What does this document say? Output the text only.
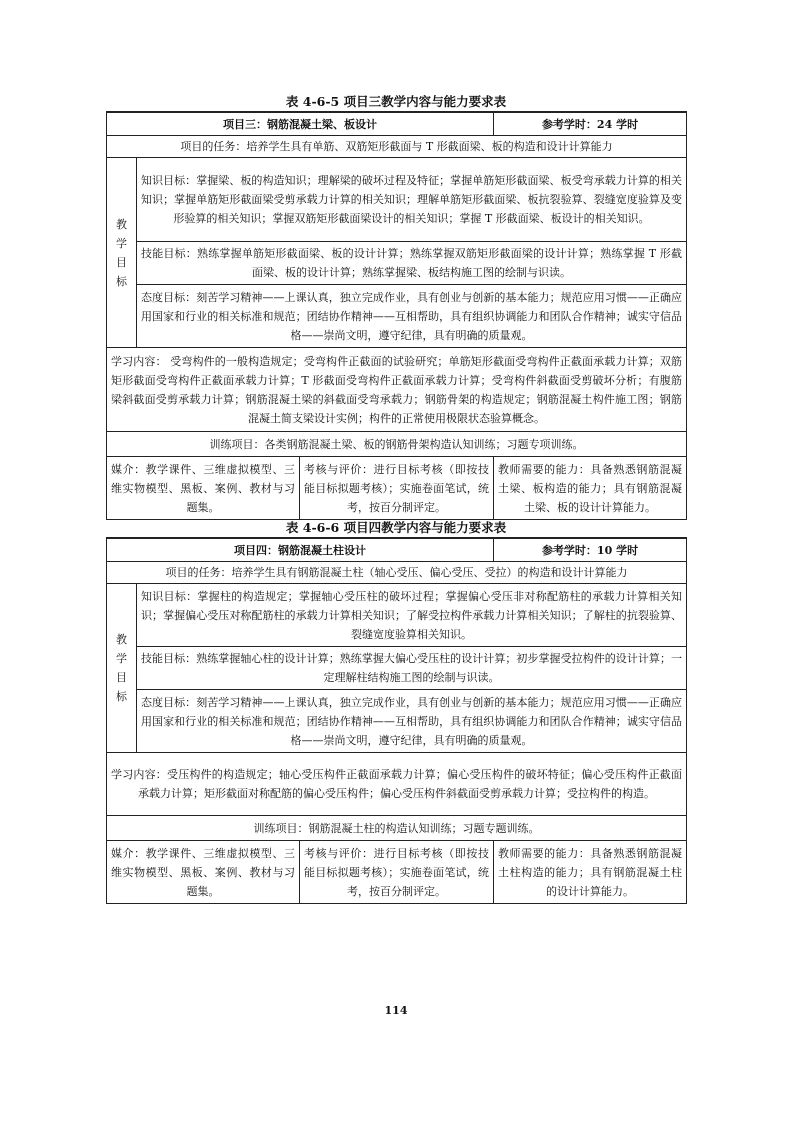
表 4-6-5 项目三教学内容与能力要求表
项目三：钢筋混凝土梁、板设计			参考学时：24 学时
项目的任务：培养学生具有单筋、双筋矩形截面与 T 形截面梁、板的构造和设计计算能力			

教
学
目
标	知识目标：掌握梁、板的构造知识；理解梁的破坏过程及特征；掌握单筋矩形截面梁、板受弯承载力计算的相关知识；掌握单筋矩形截面梁受剪承载力计算的相关知识；理解单筋矩形截面梁、板抗裂验算、裂缝宽度验算及变形验算的相关知识；掌握双筋矩形截面梁设计的相关知识；掌握 T 形截面梁、板设计的相关知识。		
	技能目标：熟练掌握单筋矩形截面梁、板的设计计算；熟练掌握双筋矩形截面梁的设计计算；熟练掌握 T 形截面梁、板的设计计算；熟练掌握梁、板结构施工图的绘制与识读。		
	态度目标：刻苦学习精神——上课认真，独立完成作业，具有创业与创新的基本能力；规范应用习惯——正确应用国家和行业的相关标准和规范；团结协作精神——互相帮助，具有组织协调能力和团队合作精神；诚实守信品格——崇尚文明，遵守纪律，具有明确的质量观。		
学习内容： 受弯构件的一般构造规定；受弯构件正截面的试验研究；单筋矩形截面受弯构件正截面承载力计算；双筋矩形截面受弯构件正截面承载力计算；T 形截面受弯构件正截面承载力计算；受弯构件斜截面受剪破坏分析；有腹筋梁斜截面受剪承载力计算；钢筋混凝土梁的斜截面受弯承载力；钢筋骨架的构造规定；钢筋混凝土构件施工图；钢筋混凝土简支梁设计实例；构件的正常使用极限状态验算概念。			
训练项目：各类钢筋混凝土梁、板的钢筋骨架构造认知训练；习题专项训练。			
媒介：教学课件、三维虚拟模型、三维实物模型、黑板、案例、教材与习题集。		考核与评价：进行目标考核（即按技能目标拟题考核）；实施卷面笔试，统考，按百分制评定。	教师需要的能力：具备熟悉钢筋混凝土梁、板构造的能力；具有钢筋混凝土梁、板的设计计算能力。
表 4-6-6 项目四教学内容与能力要求表
项目四：钢筋混凝土柱设计			参考学时：10 学时
项目的任务：培养学生具有钢筋混凝土柱（轴心受压、偏心受压、受拉）的构造和设计计算能力			

教
学
目
标	知识目标：掌握柱的构造规定；掌握轴心受压柱的破坏过程；掌握偏心受压非对称配筋柱的承载力计算相关知识；掌握偏心受压对称配筋柱的承载力计算相关知识；了解受拉构件承载力计算相关知识；了解柱的抗裂验算、裂缝宽度验算相关知识。		
	技能目标：熟练掌握轴心柱的设计计算；熟练掌握大偏心受压柱的设计计算；初步掌握受拉构件的设计计算；一定理解柱结构施工图的绘制与识读。		
	态度目标：刻苦学习精神——上课认真，独立完成作业，具有创业与创新的基本能力；规范应用习惯——正确应用国家和行业的相关标准和规范；团结协作精神——互相帮助，具有组织协调能力和团队合作精神；诚实守信品格——崇尚文明，遵守纪律，具有明确的质量观。		
学习内容：受压构件的构造规定；轴心受压构件正截面承载力计算；偏心受压构件的破坏特征；偏心受压构件正截面承载力计算；矩形截面对称配筋的偏心受压构件；偏心受压构件斜截面受剪承载力计算；受拉构件的构造。			
训练项目：钢筋混凝土柱的构造认知训练；习题专题训练。			
媒介：教学课件、三维虚拟模型、三维实物模型、黑板、案例、教材与习题集。		考核与评价：进行目标考核（即按技能目标拟题考核）；实施卷面笔试，统考，按百分制评定。	教师需要的能力：具备熟悉钢筋混凝土柱构造的能力；具有钢筋混凝土柱的设计计算能力。
114
